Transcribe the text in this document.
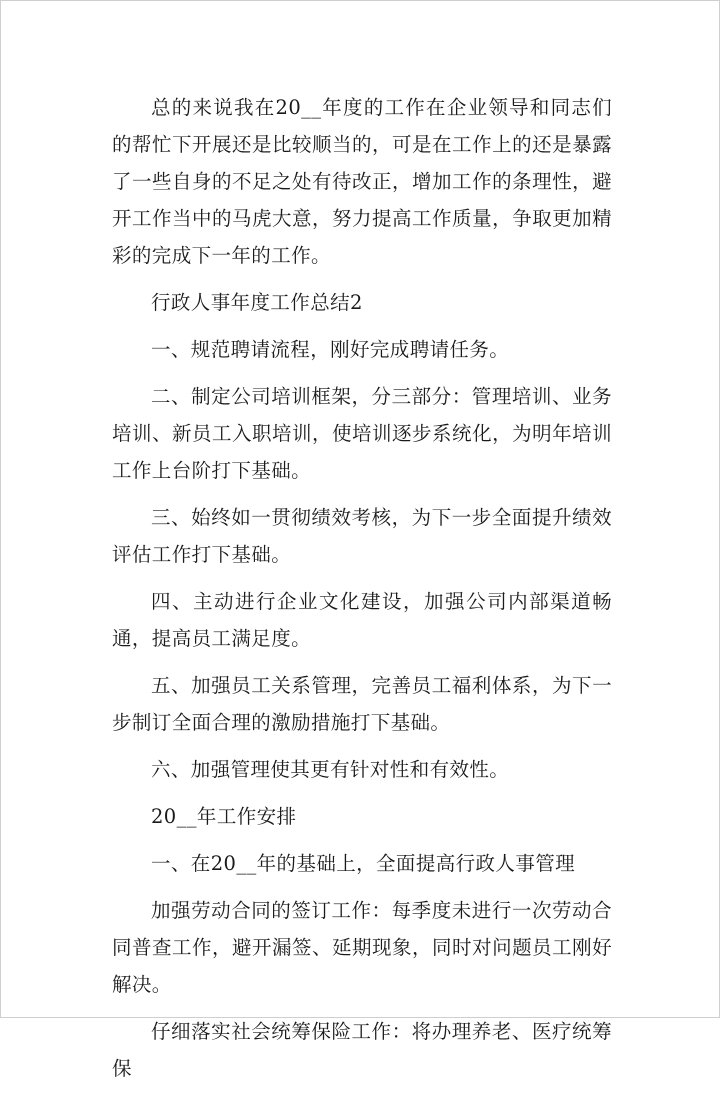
总的来说我在20__年度的工作在企业领导和同志们的帮忙下开展还是比较顺当的，可是在工作上的还是暴露了一些自身的不足之处有待改正，增加工作的条理性，避开工作当中的马虎大意，努力提高工作质量，争取更加精彩的完成下一年的工作。

行政人事年度工作总结2

一、规范聘请流程，刚好完成聘请任务。

二、制定公司培训框架，分三部分：管理培训、业务培训、新员工入职培训，使培训逐步系统化，为明年培训工作上台阶打下基础。

三、始终如一贯彻绩效考核，为下一步全面提升绩效评估工作打下基础。

四、主动进行企业文化建设，加强公司内部渠道畅通，提高员工满足度。

五、加强员工关系管理，完善员工福利体系，为下一步制订全面合理的激励措施打下基础。

六、加强管理使其更有针对性和有效性。

20__年工作安排

一、在20__年的基础上，全面提高行政人事管理

加强劳动合同的签订工作：每季度未进行一次劳动合同普查工作，避开漏签、延期现象，同时对问题员工刚好解决。

仔细落实社会统筹保险工作：将办理养老、医疗统筹保
